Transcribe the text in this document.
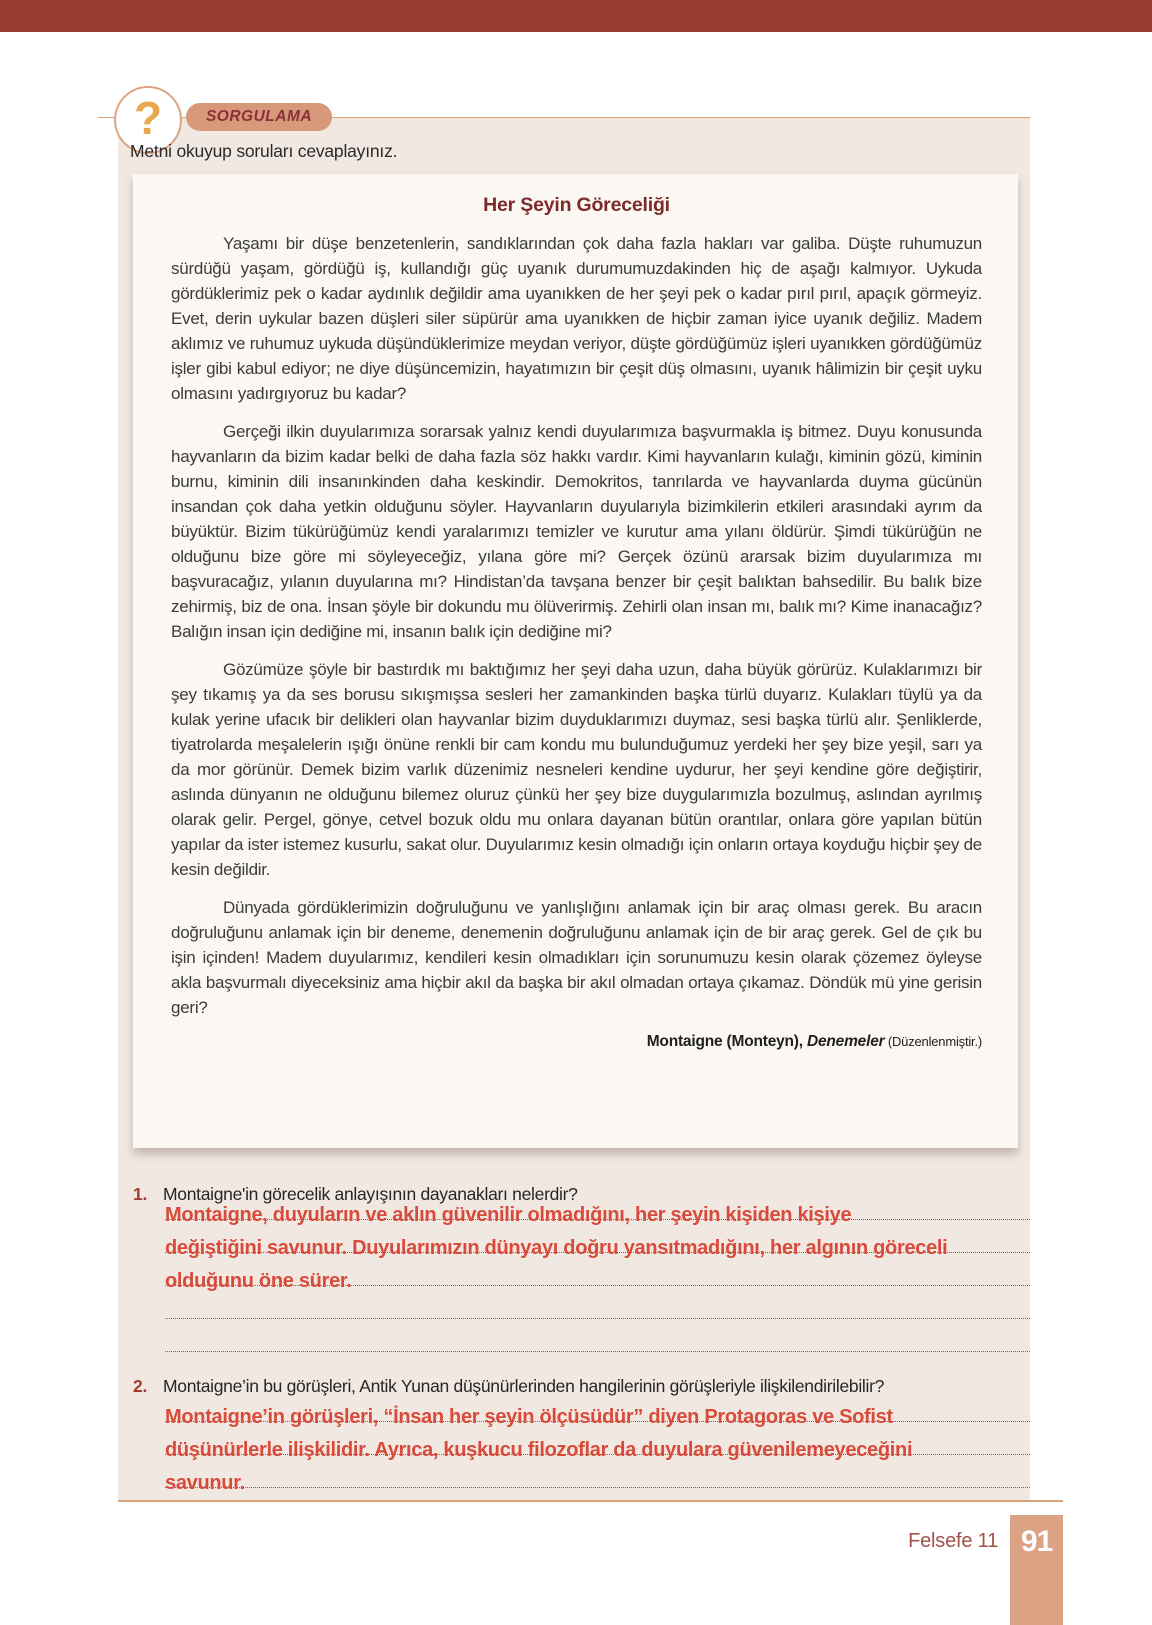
?	SORGULAMA
Metni okuyup soruları cevaplayınız.
Her Şeyin Göreceliği

Yaşamı bir düşe benzetenlerin, sandıklarından çok daha fazla hakları var galiba. Düşte ruhumuzun sürdüğü yaşam, gördüğü iş, kullandığı güç uyanık durumumuzdakinden hiç de aşağı kalmıyor. Uykuda gördüklerimiz pek o kadar aydınlık değildir ama uyanıkken de her şeyi pek o kadar pırıl pırıl, apaçık görmeyiz. Evet, derin uykular bazen düşleri siler süpürür ama uyanıkken de hiçbir zaman iyice uyanık değiliz. Madem aklımız ve ruhumuz uykuda düşündüklerimize meydan veriyor, düşte gördüğümüz işleri uyanıkken gördüğümüz işler gibi kabul ediyor; ne diye düşüncemizin, hayatımızın bir çeşit düş olmasını, uyanık hâlimizin bir çeşit uyku olmasını yadırgıyoruz bu kadar?

Gerçeği ilkin duyularımıza sorarsak yalnız kendi duyularımıza başvurmakla iş bitmez. Duyu konusunda hayvanların da bizim kadar belki de daha fazla söz hakkı vardır. Kimi hayvanların kulağı, kiminin gözü, kiminin burnu, kiminin dili insanınkinden daha keskindir. Demokritos, tanrılarda ve hayvanlarda duyma gücünün insandan çok daha yetkin olduğunu söyler. Hayvanların duyularıyla bizimkilerin etkileri arasındaki ayrım da büyüktür. Bizim tükürüğümüz kendi yaralarımızı temizler ve kurutur ama yılanı öldürür. Şimdi tükürüğün ne olduğunu bize göre mi söyleyeceğiz, yılana göre mi? Gerçek özünü ararsak bizim duyularımıza mı başvuracağız, yılanın duyularına mı? Hindistan’da tavşana benzer bir çeşit balıktan bahsedilir. Bu balık bize zehirmiş, biz de ona. İnsan şöyle bir dokundu mu ölüverirmiş. Zehirli olan insan mı, balık mı? Kime inanacağız? Balığın insan için dediğine mi, insanın balık için dediğine mi?

Gözümüze şöyle bir bastırdık mı baktığımız her şeyi daha uzun, daha büyük görürüz. Kulaklarımızı bir şey tıkamış ya da ses borusu sıkışmışsa sesleri her zamankinden başka türlü duyarız. Kulakları tüylü ya da kulak yerine ufacık bir delikleri olan hayvanlar bizim duyduklarımızı duymaz, sesi başka türlü alır. Şenliklerde, tiyatrolarda meşalelerin ışığı önüne renkli bir cam kondu mu bulunduğumuz yerdeki her şey bize yeşil, sarı ya da mor görünür. Demek bizim varlık düzenimiz nesneleri kendine uydurur, her şeyi kendine göre değiştirir, aslında dünyanın ne olduğunu bilemez oluruz çünkü her şey bize duygularımızla bozulmuş, aslından ayrılmış olarak gelir. Pergel, gönye, cetvel bozuk oldu mu onlara dayanan bütün orantılar, onlara göre yapılan bütün yapılar da ister istemez kusurlu, sakat olur. Duyularımız kesin olmadığı için onların ortaya koyduğu hiçbir şey de kesin değildir.

Dünyada gördüklerimizin doğruluğunu ve yanlışlığını anlamak için bir araç olması gerek. Bu aracın doğruluğunu anlamak için bir deneme, denemenin doğruluğunu anlamak için de bir araç gerek. Gel de çık bu işin içinden! Madem duyularımız, kendileri kesin olmadıkları için sorunumuzu kesin olarak çözemez öyleyse akla başvurmalı diyeceksiniz ama hiçbir akıl da başka bir akıl olmadan ortaya çıkamaz. Döndük mü yine gerisin geri?

Montaigne (Monteyn), Denemeler (Düzenlenmiştir.)
1. Montaigne'in görecelik anlayışının dayanakları nelerdir?
Montaigne, duyuların ve aklın güvenilir olmadığını, her şeyin kişiden kişiye
değiştiğini savunur. Duyularımızın dünyayı doğru yansıtmadığını, her algının göreceli
olduğunu öne sürer.
2. Montaigne’in bu görüşleri, Antik Yunan düşünürlerinden hangilerinin görüşleriyle ilişkilendirilebilir?
Montaigne’in görüşleri, “İnsan her şeyin ölçüsüdür” diyen Protagoras ve Sofist
düşünürlerle ilişkilidir. Ayrıca, kuşkucu filozoflar da duyulara güvenilemeyeceğini
savunur.
Felsefe 11 91
